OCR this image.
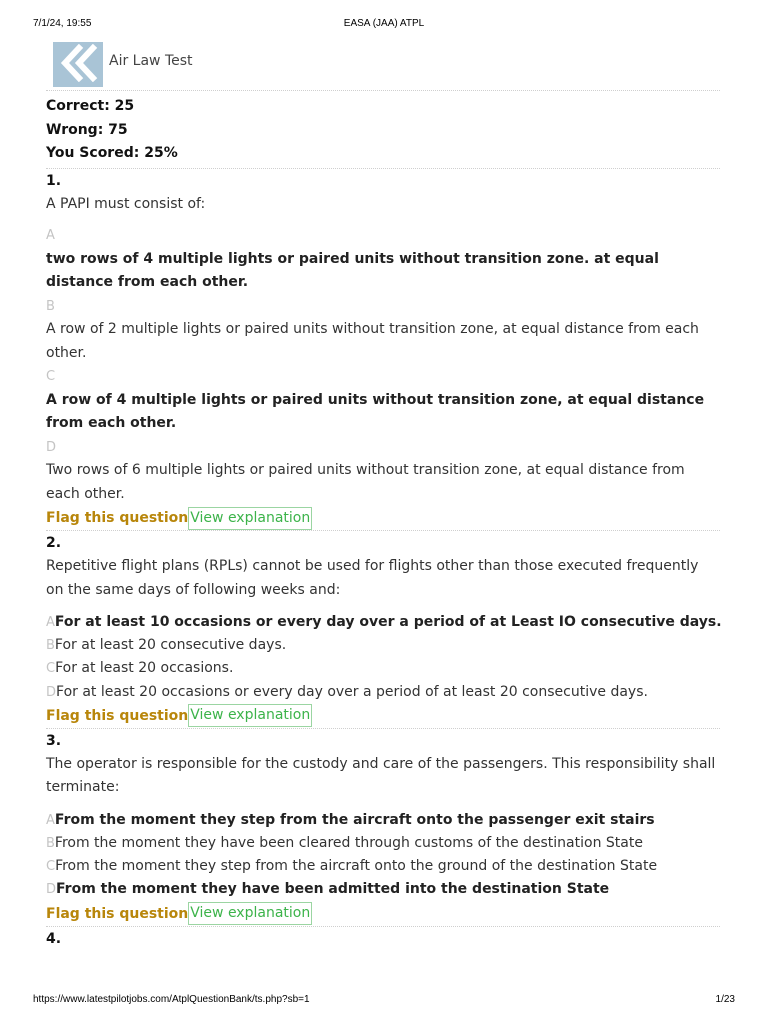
7/1/24, 19:55	EASA (JAA) ATPL
Air Law Test
Correct: 25
Wrong: 75
You Scored: 25%
1.
A PAPI must consist of:
A
two rows of 4 multiple lights or paired units without transition zone. at equal distance from each other.
B
A row of 2 multiple lights or paired units without transition zone, at equal distance from each other.
C
A row of 4 multiple lights or paired units without transition zone, at equal distance from each other.
D
Two rows of 6 multiple lights or paired units without transition zone, at equal distance from each other.
Flag this question View explanation
2.
Repetitive flight plans (RPLs) cannot be used for flights other than those executed frequently on the same days of following weeks and:
AFor at least 10 occasions or every day over a period of at Least IO consecutive days.
BFor at least 20 consecutive days.
CFor at least 20 occasions.
DFor at least 20 occasions or every day over a period of at least 20 consecutive days.
Flag this question View explanation
3.
The operator is responsible for the custody and care of the passengers. This responsibility shall terminate:
AFrom the moment they step from the aircraft onto the passenger exit stairs
BFrom the moment they have been cleared through customs of the destination State
CFrom the moment they step from the aircraft onto the ground of the destination State
DFrom the moment they have been admitted into the destination State
Flag this question View explanation
4.
https://www.latestpilotjobs.com/AtplQuestionBank/ts.php?sb=1	1/23
